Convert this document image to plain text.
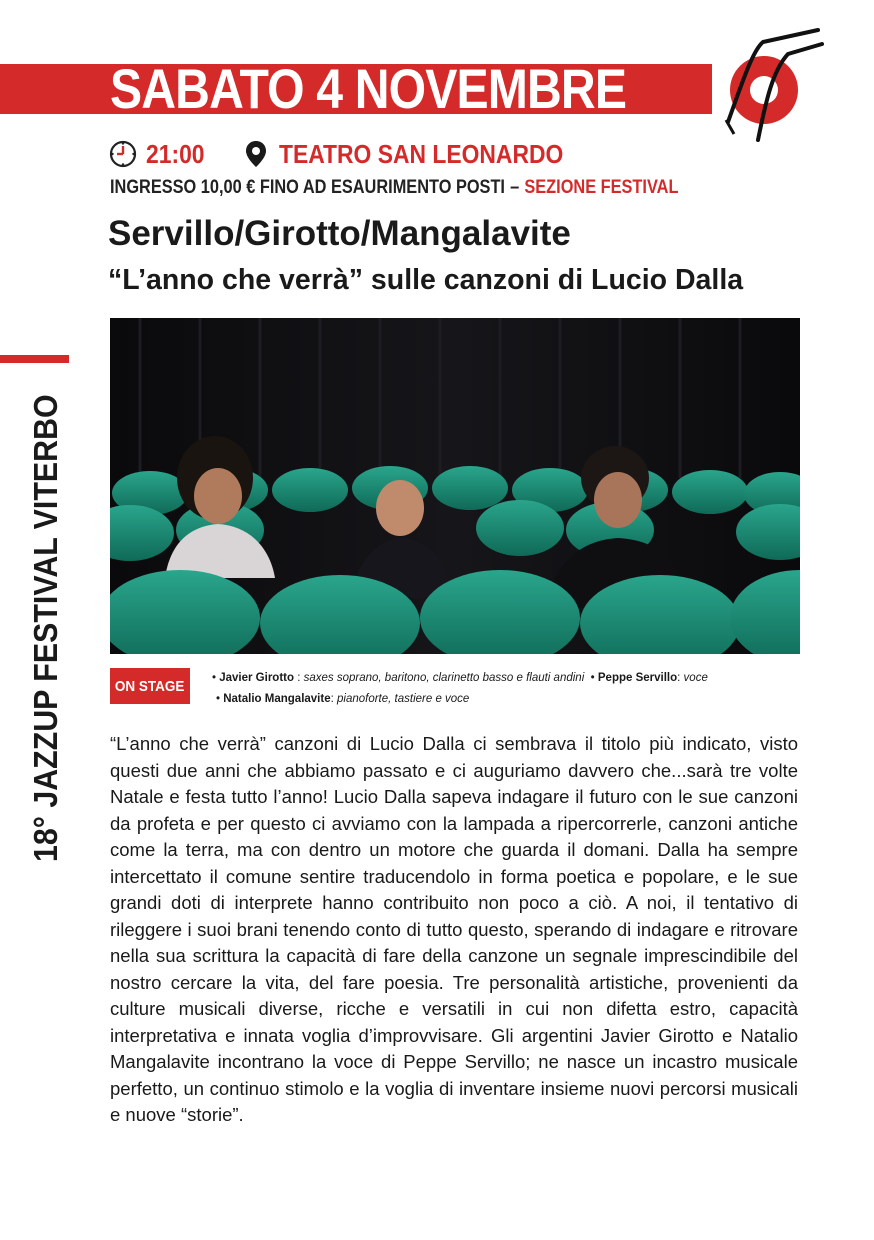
SABATO 4 NOVEMBRE
21:00	TEATRO SAN LEONARDO
INGRESSO 10,00 € FINO AD ESAURIMENTO POSTI – SEZIONE FESTIVAL
Servillo/Girotto/Mangalavite
“L’anno che verrà” sulle canzoni di Lucio Dalla
18° JAZZUP FESTIVAL VITERBO	ON STAGE • Javier Girotto : saxes soprano, baritono, clarinetto basso e flauti andini • Peppe Servillo: voce
• Natalio Mangalavite: pianoforte, tastiere e voce
“L’anno che verrà” canzoni di Lucio Dalla ci sembrava il titolo più indicato, visto questi due anni che abbiamo passato e ci auguriamo davvero che...sarà tre volte Natale e festa tutto l’anno! Lucio Dalla sapeva indagare il futuro con le sue canzoni da profeta e per questo ci avviamo con la lampada a ripercorrerle, canzoni antiche come la terra, ma con dentro un motore che guarda il domani. Dalla ha sempre intercettato il comune sentire traducendolo in forma poetica e popolare, e le sue grandi doti di interprete hanno contribuito non poco a ciò. A noi, il tentativo di rileggere i suoi brani tenendo conto di tutto questo, sperando di indagare e ritrovare nella sua scrittura la capacità di fare della canzone un segnale imprescindibile del nostro cercare la vita, del fare poesia. Tre personalità artistiche, provenienti da culture musicali diverse, ricche e versatili in cui non difetta estro, capacità interpretativa e innata voglia d’improvvisare. Gli argentini Javier Girotto e Natalio Mangalavite incontrano la voce di Peppe Servillo; ne nasce un incastro musicale perfetto, un continuo stimolo e la voglia di inventare insieme nuovi percorsi musicali e nuove “storie”.
